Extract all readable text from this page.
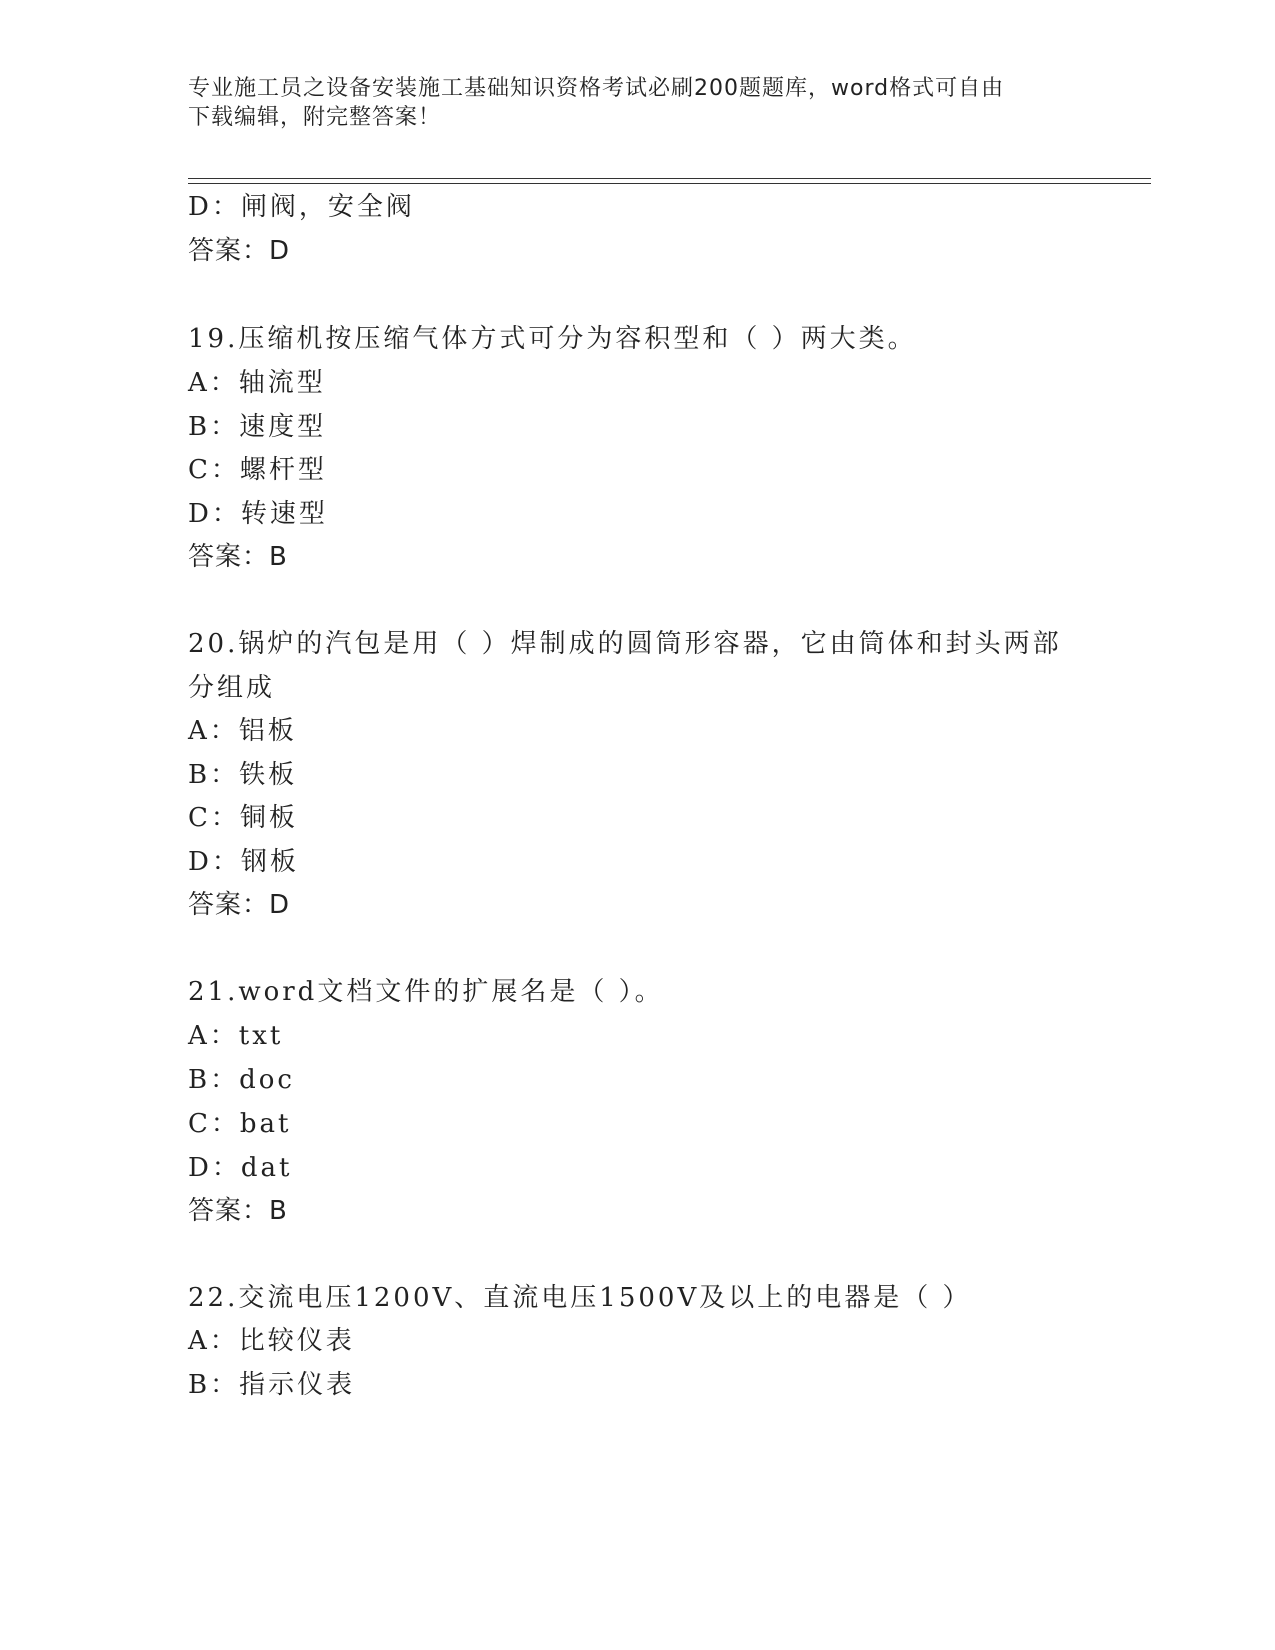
专业施工员之设备安装施工基础知识资格考试必刷200题题库，word格式可自由
下载编辑，附完整答案！
D：闸阀，安全阀
答案：D
19.压缩机按压缩气体方式可分为容积型和（ ）两大类。
A：轴流型
B：速度型
C：螺杆型
D：转速型
答案：B
20.锅炉的汽包是用（ ）焊制成的圆筒形容器，它由筒体和封头两部
分组成
A：铝板
B：铁板
C：铜板
D：钢板
答案：D
21.word文档文件的扩展名是（ ）。
A：txt
B：doc
C：bat
D：dat
答案：B
22.交流电压1200V、直流电压1500V及以上的电器是（ ）
A：比较仪表
B：指示仪表
